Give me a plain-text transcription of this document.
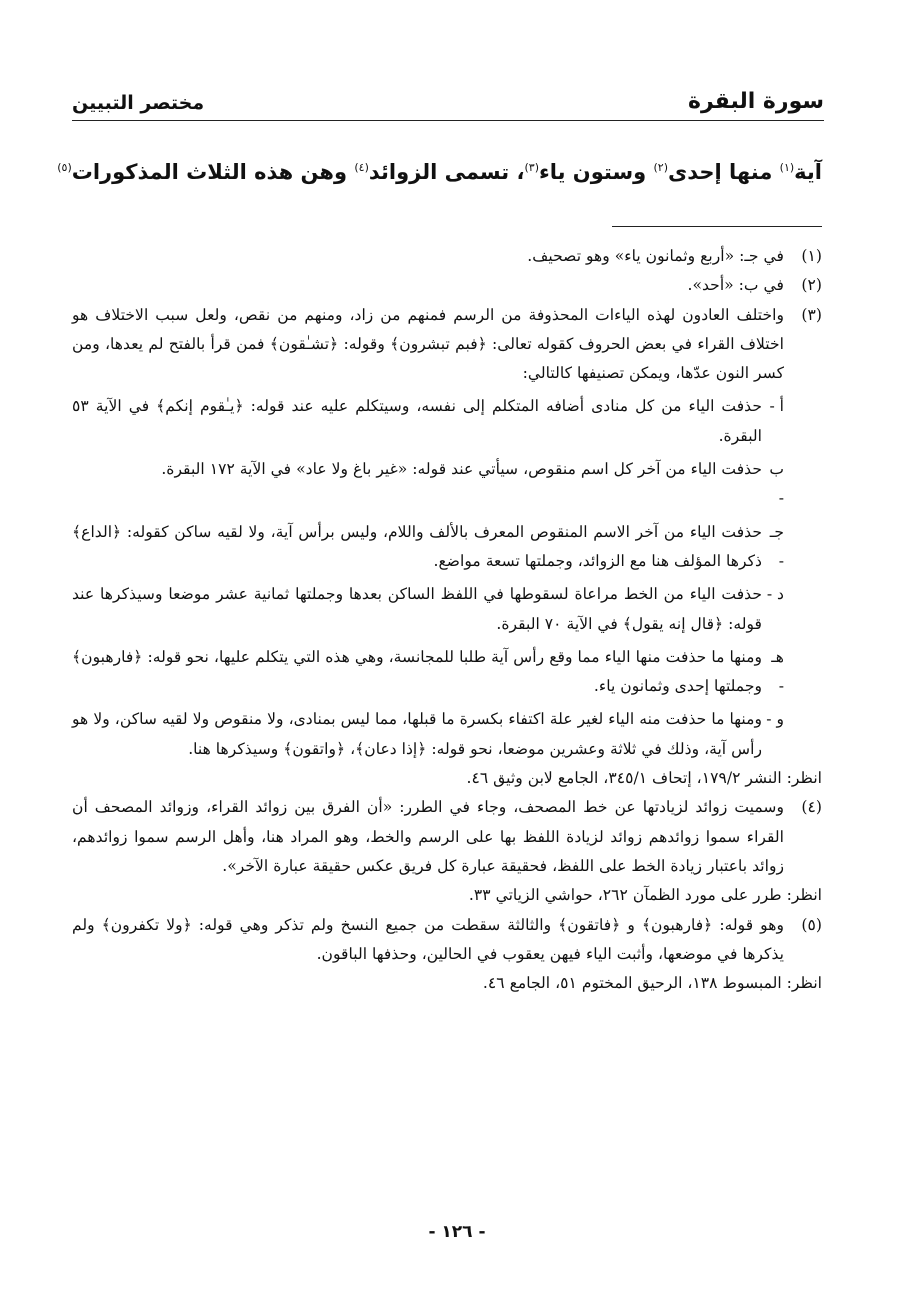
سورة البقرة
مختصر التبيين
آية$^{(١)}$ منها إحدى$^{(٢)}$ وستون ياء$^{(٣)}$، تسمى الزوائد$^{(٤)}$ وهن هذه الثلاث المذكورات$^{(٥)}$
(١)
في جـ: «أربع وثمانون ياء» وهو تصحيف.
(٢)
في ب: «أحد».
(٣)

واختلف العادون لهذه الياءات المحذوفة من الرسم فمنهم من زاد، ومنهم من نقص، ولعل سبب الاختلاف هو اختلاف القراء في بعض الحروف كقوله تعالى: ﴿فبم تبشرون﴾ وقوله: ﴿تشـٰقون﴾ فمن قرأ بالفتح لم يعدها، ومن كسر النون عدّها، ويمكن تصنيفها كالتالي:

أ -
حذفت الياء من كل منادى أضافه المتكلم إلى نفسه، وسيتكلم عليه عند قوله: ﴿يـٰقوم إنكم﴾ في الآية ٥٣ البقرة.
ب -
حذفت الياء من آخر كل اسم منقوص، سيأتي عند قوله: «غير باغ ولا عاد» في الآية ١٧٢ البقرة.
جـ -
حذفت الياء من آخر الاسم المنقوص المعرف بالألف واللام، وليس برأس آية، ولا لقيه ساكن كقوله: ﴿الداع﴾ ذكرها المؤلف هنا مع الزوائد، وجملتها تسعة مواضع.
د -
حذفت الياء من الخط مراعاة لسقوطها في اللفظ الساكن بعدها وجملتها ثمانية عشر موضعا وسيذكرها عند قوله: ﴿قال إنه يقول﴾ في الآية ٧٠ البقرة.
هـ -
ومنها ما حذفت منها الياء مما وقع رأس آية طلبا للمجانسة، وهي هذه التي يتكلم عليها، نحو قوله: ﴿فارهبون﴾ وجملتها إحدى وثمانون ياء.
و -
ومنها ما حذفت منه الياء لغير علة اكتفاء بكسرة ما قبلها، مما ليس بمنادى، ولا منقوص ولا لقيه ساكن، ولا هو رأس آية، وذلك في ثلاثة وعشرين موضعا، نحو قوله: ﴿إذا دعان﴾، ﴿واتقون﴾ وسيذكرها هنا.

انظر: النشر ١٧٩/٢، إتحاف ٣٤٥/١، الجامع لابن وثيق ٤٦.

(٤)
وسميت زوائد لزيادتها عن خط المصحف، وجاء في الطرر: «أن الفرق بين زوائد القراء، وزوائد المصحف أن القراء سموا زوائدهم زوائد لزيادة اللفظ بها على الرسم والخط، وهو المراد هنا، وأهل الرسم سموا زوائدهم، زوائد باعتبار زيادة الخط على اللفظ، فحقيقة عبارة كل فريق عكس حقيقة عبارة الآخر».

انظر: طرر على مورد الظمآن ٢٦٢، حواشي الزياتي ٣٣.

(٥)
وهو قوله: ﴿فارهبون﴾ و ﴿فاتقون﴾ والثالثة سقطت من جميع النسخ ولم تذكر وهي قوله: ﴿ولا تكفرون﴾ ولم يذكرها في موضعها، وأثبت الياء فيهن يعقوب في الحالين، وحذفها الباقون.

انظر: المبسوط ١٣٨، الرحيق المختوم ٥١، الجامع ٤٦.

- ١٢٦ -
